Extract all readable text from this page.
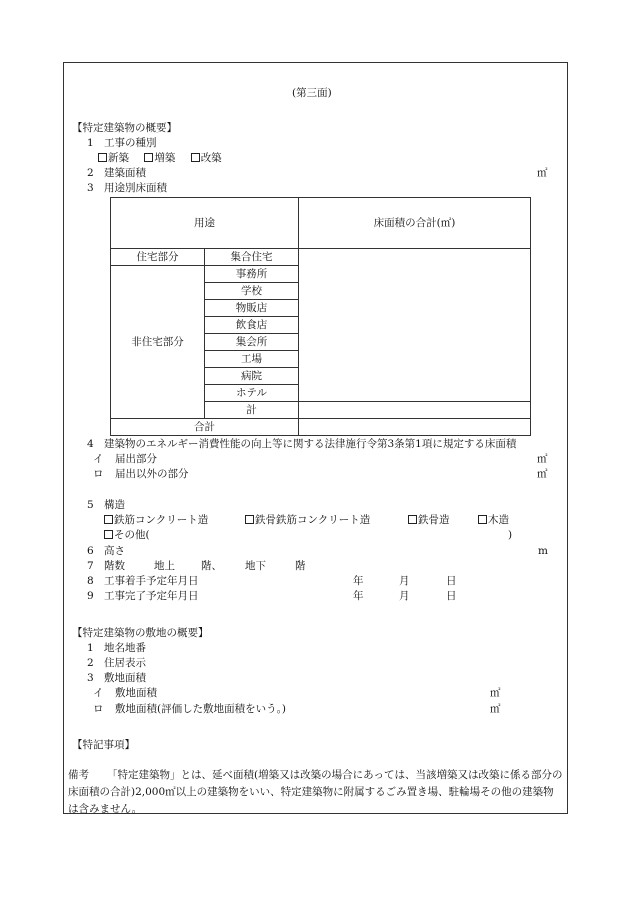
(第三面)
【特定建築物の概要】
1 工事の種別
新築 増築 改築
2 建築面積	㎡
3 用途別床面積
用途		床面積の合計(㎡)
住宅部分	集合住宅	
非住宅部分	事務所	
	学校	
	物販店	
	飲食店	
	集会所	
	工場	
	病院	
	ホテル	
	計	
合計		
4 建築物のエネルギー消費性能の向上等に関する法律施行令第3条第1項に規定する床面積
イ 届出部分	㎡
ロ 届出以外の部分	㎡
5 構造
鉄筋コンクリート造	鉄骨鉄筋コンクリート造	鉄骨造	木造
その他(	)
6 高さ	m
7 階数	地上 階、 地下	階
8 工事着手予定年月日	年	月	日
9 工事完了予定年月日	年	月	日
【特定建築物の敷地の概要】
1 地名地番
2 住居表示
3 敷地面積
イ 敷地面積	㎡
ロ 敷地面積(評価した敷地面積をいう。)	㎡
【特記事項】
備考 「特定建築物」とは、延べ面積(増築又は改築の場合にあっては、当該増築又は改築に係る部分の床面積の合計)2,000㎡以上の建築物をいい、特定建築物に附属するごみ置き場、駐輪場その他の建築物は含みません。
